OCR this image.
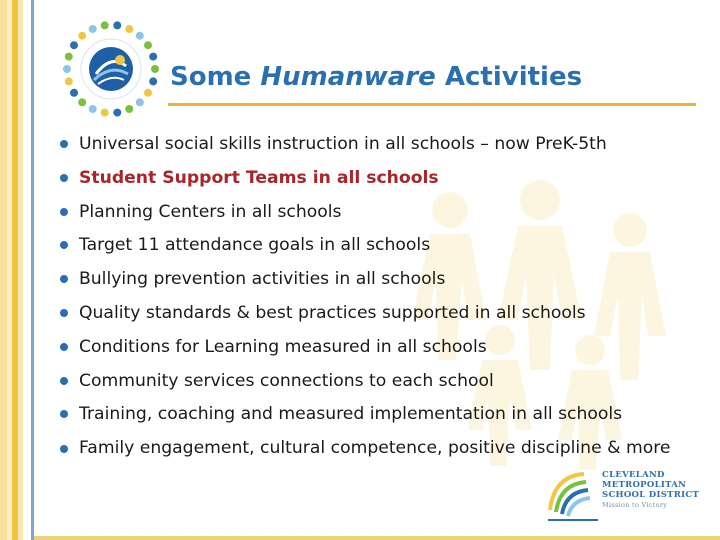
Some Humanware Activities
Universal social skills instruction in all schools – now PreK-5th
Student Support Teams in all schools
Planning Centers in all schools
Target 11 attendance goals in all schools
Bullying prevention activities in all schools
Quality standards & best practices supported in all schools
Conditions for Learning measured in all schools
Community services connections to each school
Training, coaching and measured implementation in all schools
Family engagement, cultural competence, positive discipline & more
CLEVELAND
METROPOLITAN
SCHOOL DISTRICT
Mission to Victory
